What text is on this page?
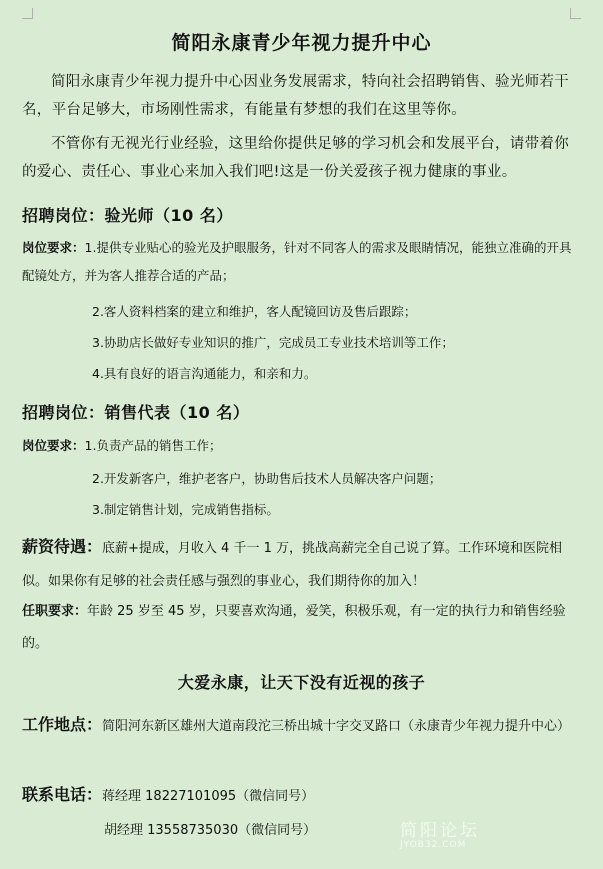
简阳永康青少年视力提升中心
简阳永康青少年视力提升中心因业务发展需求，特向社会招聘销售、验光师若干名，平台足够大，市场刚性需求，有能量有梦想的我们在这里等你。
不管你有无视光行业经验，这里给你提供足够的学习机会和发展平台，请带着你的爱心、责任心、事业心来加入我们吧!这是一份关爱孩子视力健康的事业。
招聘岗位：验光师（10 名）
岗位要求：1.提供专业贴心的验光及护眼服务，针对不同客人的需求及眼睛情况，能独立准确的开具配镜处方，并为客人推荐合适的产品；
2.客人资料档案的建立和维护，客人配镜回访及售后跟踪；
3.协助店长做好专业知识的推广，完成员工专业技术培训等工作；
4.具有良好的语言沟通能力，和亲和力。
招聘岗位：销售代表（10 名）
岗位要求：1.负责产品的销售工作；
2.开发新客户，维护老客户，协助售后技术人员解决客户问题；
3.制定销售计划，完成销售指标。
薪资待遇：底薪+提成，月收入 4 千一 1 万，挑战高薪完全自己说了算。工作环境和医院相似。如果你有足够的社会责任感与强烈的事业心，我们期待你的加入！
任职要求：年龄 25 岁至 45 岁，只要喜欢沟通，爱笑，积极乐观，有一定的执行力和销售经验的。
大爱永康，让天下没有近视的孩子
工作地点：简阳河东新区雄州大道南段沱三桥出城十字交叉路口（永康青少年视力提升中心）
联系电话：蒋经理 18227101095（微信同号）
胡经理 13558735030（微信同号）	简阳论坛
JYOB32.COM
